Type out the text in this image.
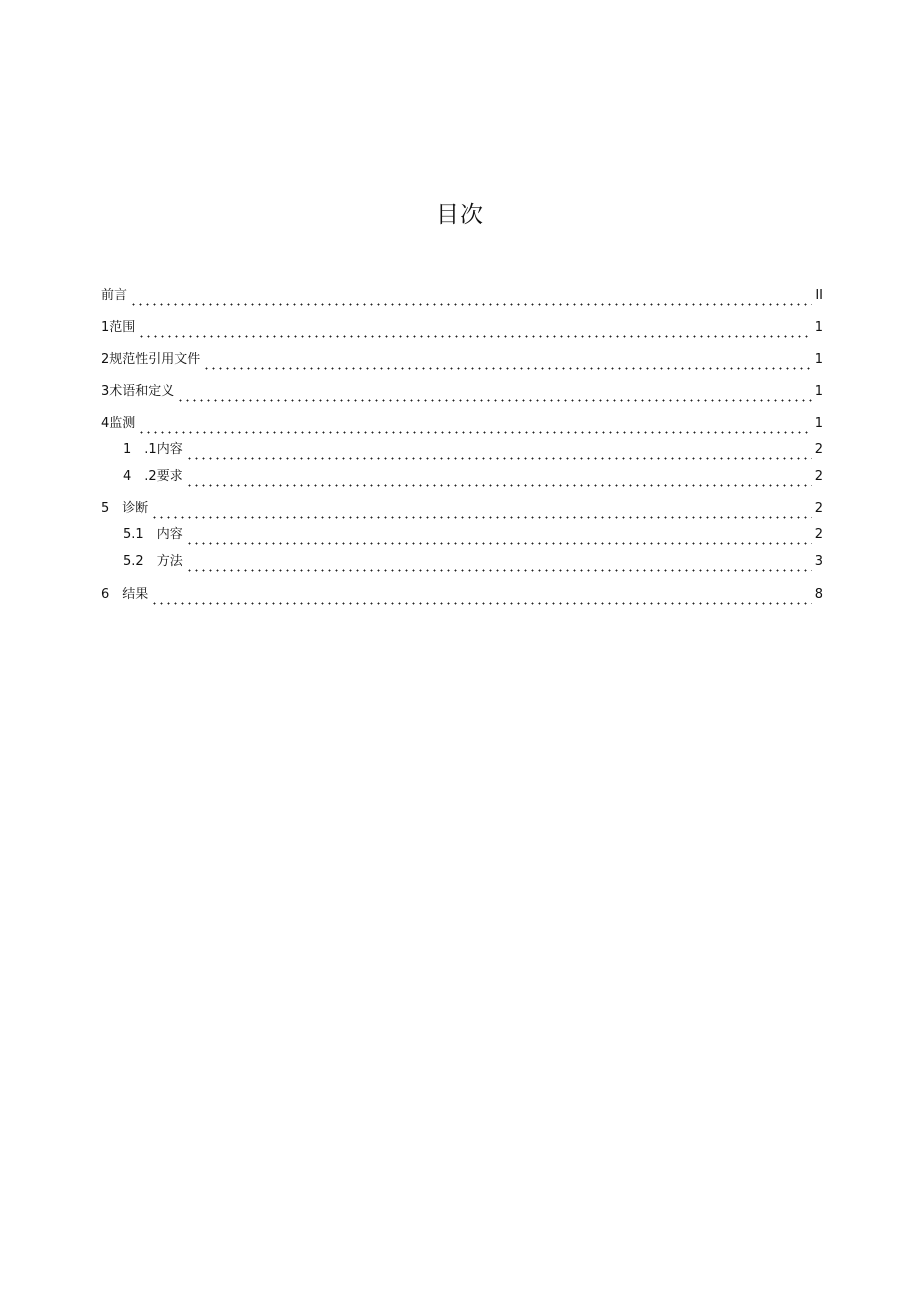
目次
前言	II
1 范围	1
2 规范性引用文件	1
3 术语和定义	1
4 监测	1
1　.1 内容	2
4　.2 要求	2
5　 诊断	2
5.1　 内容	2
5.2　 方法	3
6　 结果	8
